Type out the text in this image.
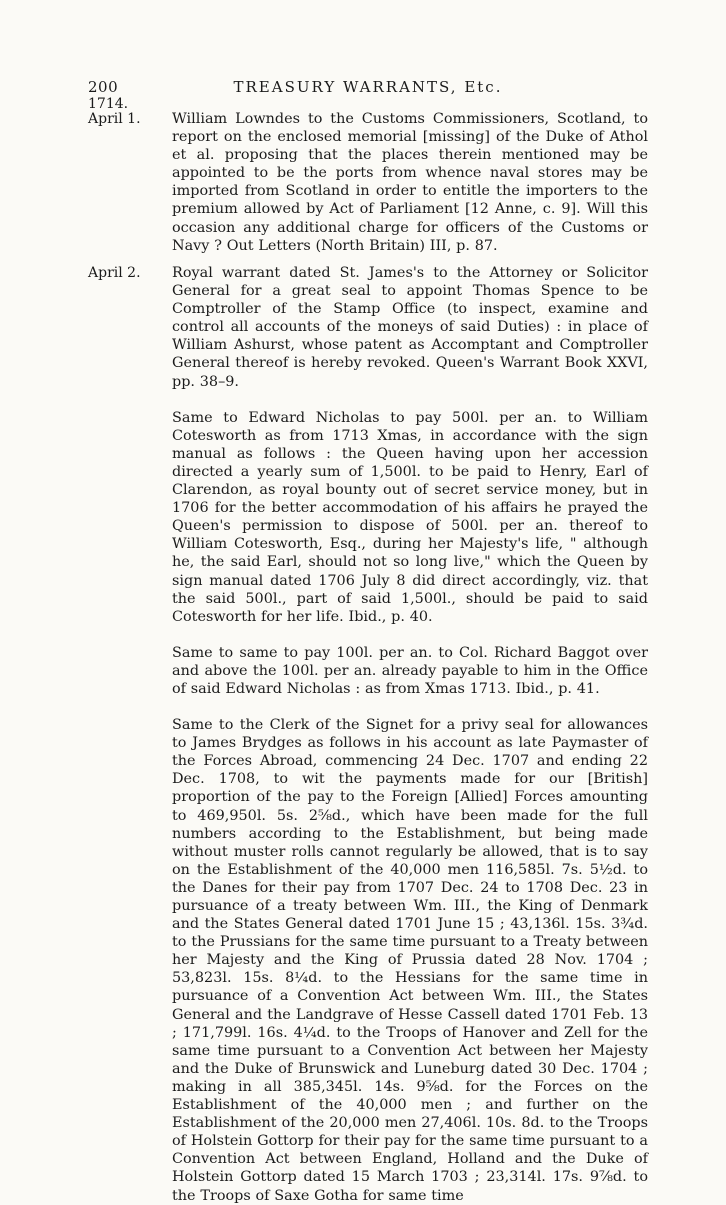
200	TREASURY WARRANTS, Etc.
1714.
April 1.	William Lowndes to the Customs Commissioners, Scotland, to report on the enclosed memorial [missing] of the Duke of Athol et al. proposing that the places therein mentioned may be appointed to be the ports from whence naval stores may be imported from Scotland in order to entitle the importers to the premium allowed by Act of Parliament [12 Anne, c. 9]. Will this occasion any additional charge for officers of the Customs or Navy ? Out Letters (North Britain) III, p. 87.

April 2.	Royal warrant dated St. James's to the Attorney or Solicitor General for a great seal to appoint Thomas Spence to be Comptroller of the Stamp Office (to inspect, examine and control all accounts of the moneys of said Duties) : in place of William Ashurst, whose patent as Accomptant and Comptroller General thereof is hereby revoked. Queen's Warrant Book XXVI, pp. 38–9.

Same to Edward Nicholas to pay 500l. per an. to William Cotesworth as from 1713 Xmas, in accordance with the sign manual as follows : the Queen having upon her accession directed a yearly sum of 1,500l. to be paid to Henry, Earl of Clarendon, as royal bounty out of secret service money, but in 1706 for the better accommodation of his affairs he prayed the Queen's permission to dispose of 500l. per an. thereof to William Cotesworth, Esq., during her Majesty's life, " although he, the said Earl, should not so long live," which the Queen by sign manual dated 1706 July 8 did direct accordingly, viz. that the said 500l., part of said 1,500l., should be paid to said Cotesworth for her life. Ibid., p. 40.

Same to same to pay 100l. per an. to Col. Richard Baggot over and above the 100l. per an. already payable to him in the Office of said Edward Nicholas : as from Xmas 1713. Ibid., p. 41.

Same to the Clerk of the Signet for a privy seal for allowances to James Brydges as follows in his account as late Paymaster of the Forces Abroad, commencing 24 Dec. 1707 and ending 22 Dec. 1708, to wit the payments made for our [British] proportion of the pay to the Foreign [Allied] Forces amounting to 469,950l. 5s. 2⅝d., which have been made for the full numbers according to the Establishment, but being made without muster rolls cannot regularly be allowed, that is to say on the Establishment of the 40,000 men 116,585l. 7s. 5½d. to the Danes for their pay from 1707 Dec. 24 to 1708 Dec. 23 in pursuance of a treaty between Wm. III., the King of Denmark and the States General dated 1701 June 15 ; 43,136l. 15s. 3¾d. to the Prussians for the same time pursuant to a Treaty between her Majesty and the King of Prussia dated 28 Nov. 1704 ; 53,823l. 15s. 8¼d. to the Hessians for the same time in pursuance of a Convention Act between Wm. III., the States General and the Landgrave of Hesse Cassell dated 1701 Feb. 13 ; 171,799l. 16s. 4¼d. to the Troops of Hanover and Zell for the same time pursuant to a Convention Act between her Majesty and the Duke of Brunswick and Luneburg dated 30 Dec. 1704 ; making in all 385,345l. 14s. 9⅝d. for the Forces on the Establishment of the 40,000 men ; and further on the Establishment of the 20,000 men 27,406l. 10s. 8d. to the Troops of Holstein Gottorp for their pay for the same time pursuant to a Convention Act between England, Holland and the Duke of Holstein Gottorp dated 15 March 1703 ; 23,314l. 17s. 9⅞d. to the Troops of Saxe Gotha for same time
